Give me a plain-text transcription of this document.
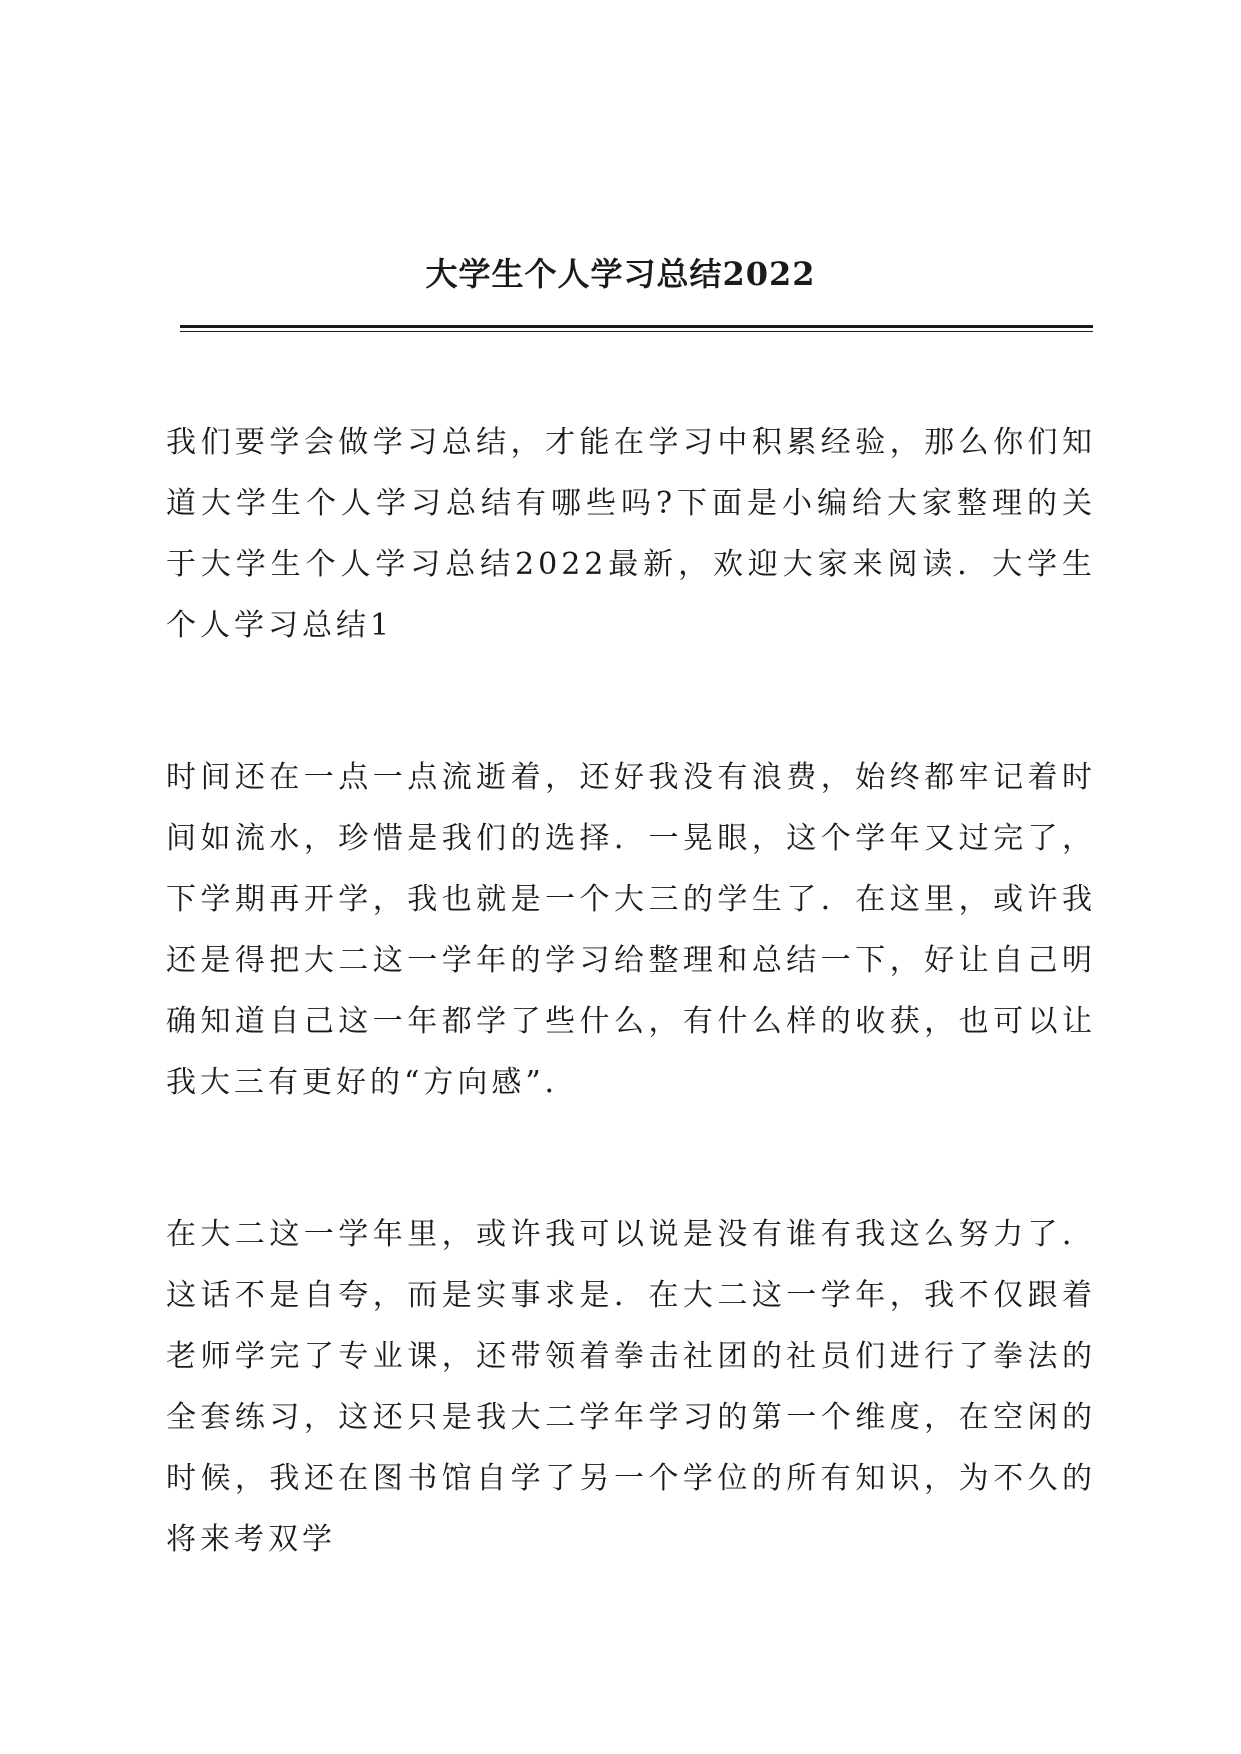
大学生个人学习总结2022

我们要学会做学习总结，才能在学习中积累经验，那么你们知道大学生个人学习总结有哪些吗?下面是小编给大家整理的关于大学生个人学习总结2022最新，欢迎大家来阅读．大学生个人学习总结1

时间还在一点一点流逝着，还好我没有浪费，始终都牢记着时间如流水，珍惜是我们的选择．一晃眼，这个学年又过完了，下学期再开学，我也就是一个大三的学生了．在这里，或许我还是得把大二这一学年的学习给整理和总结一下，好让自己明确知道自己这一年都学了些什么，有什么样的收获，也可以让我大三有更好的“方向感”．

在大二这一学年里，或许我可以说是没有谁有我这么努力了．这话不是自夸，而是实事求是．在大二这一学年，我不仅跟着老师学完了专业课，还带领着拳击社团的社员们进行了拳法的全套练习，这还只是我大二学年学习的第一个维度，在空闲的时候，我还在图书馆自学了另一个学位的所有知识，为不久的将来考双学
